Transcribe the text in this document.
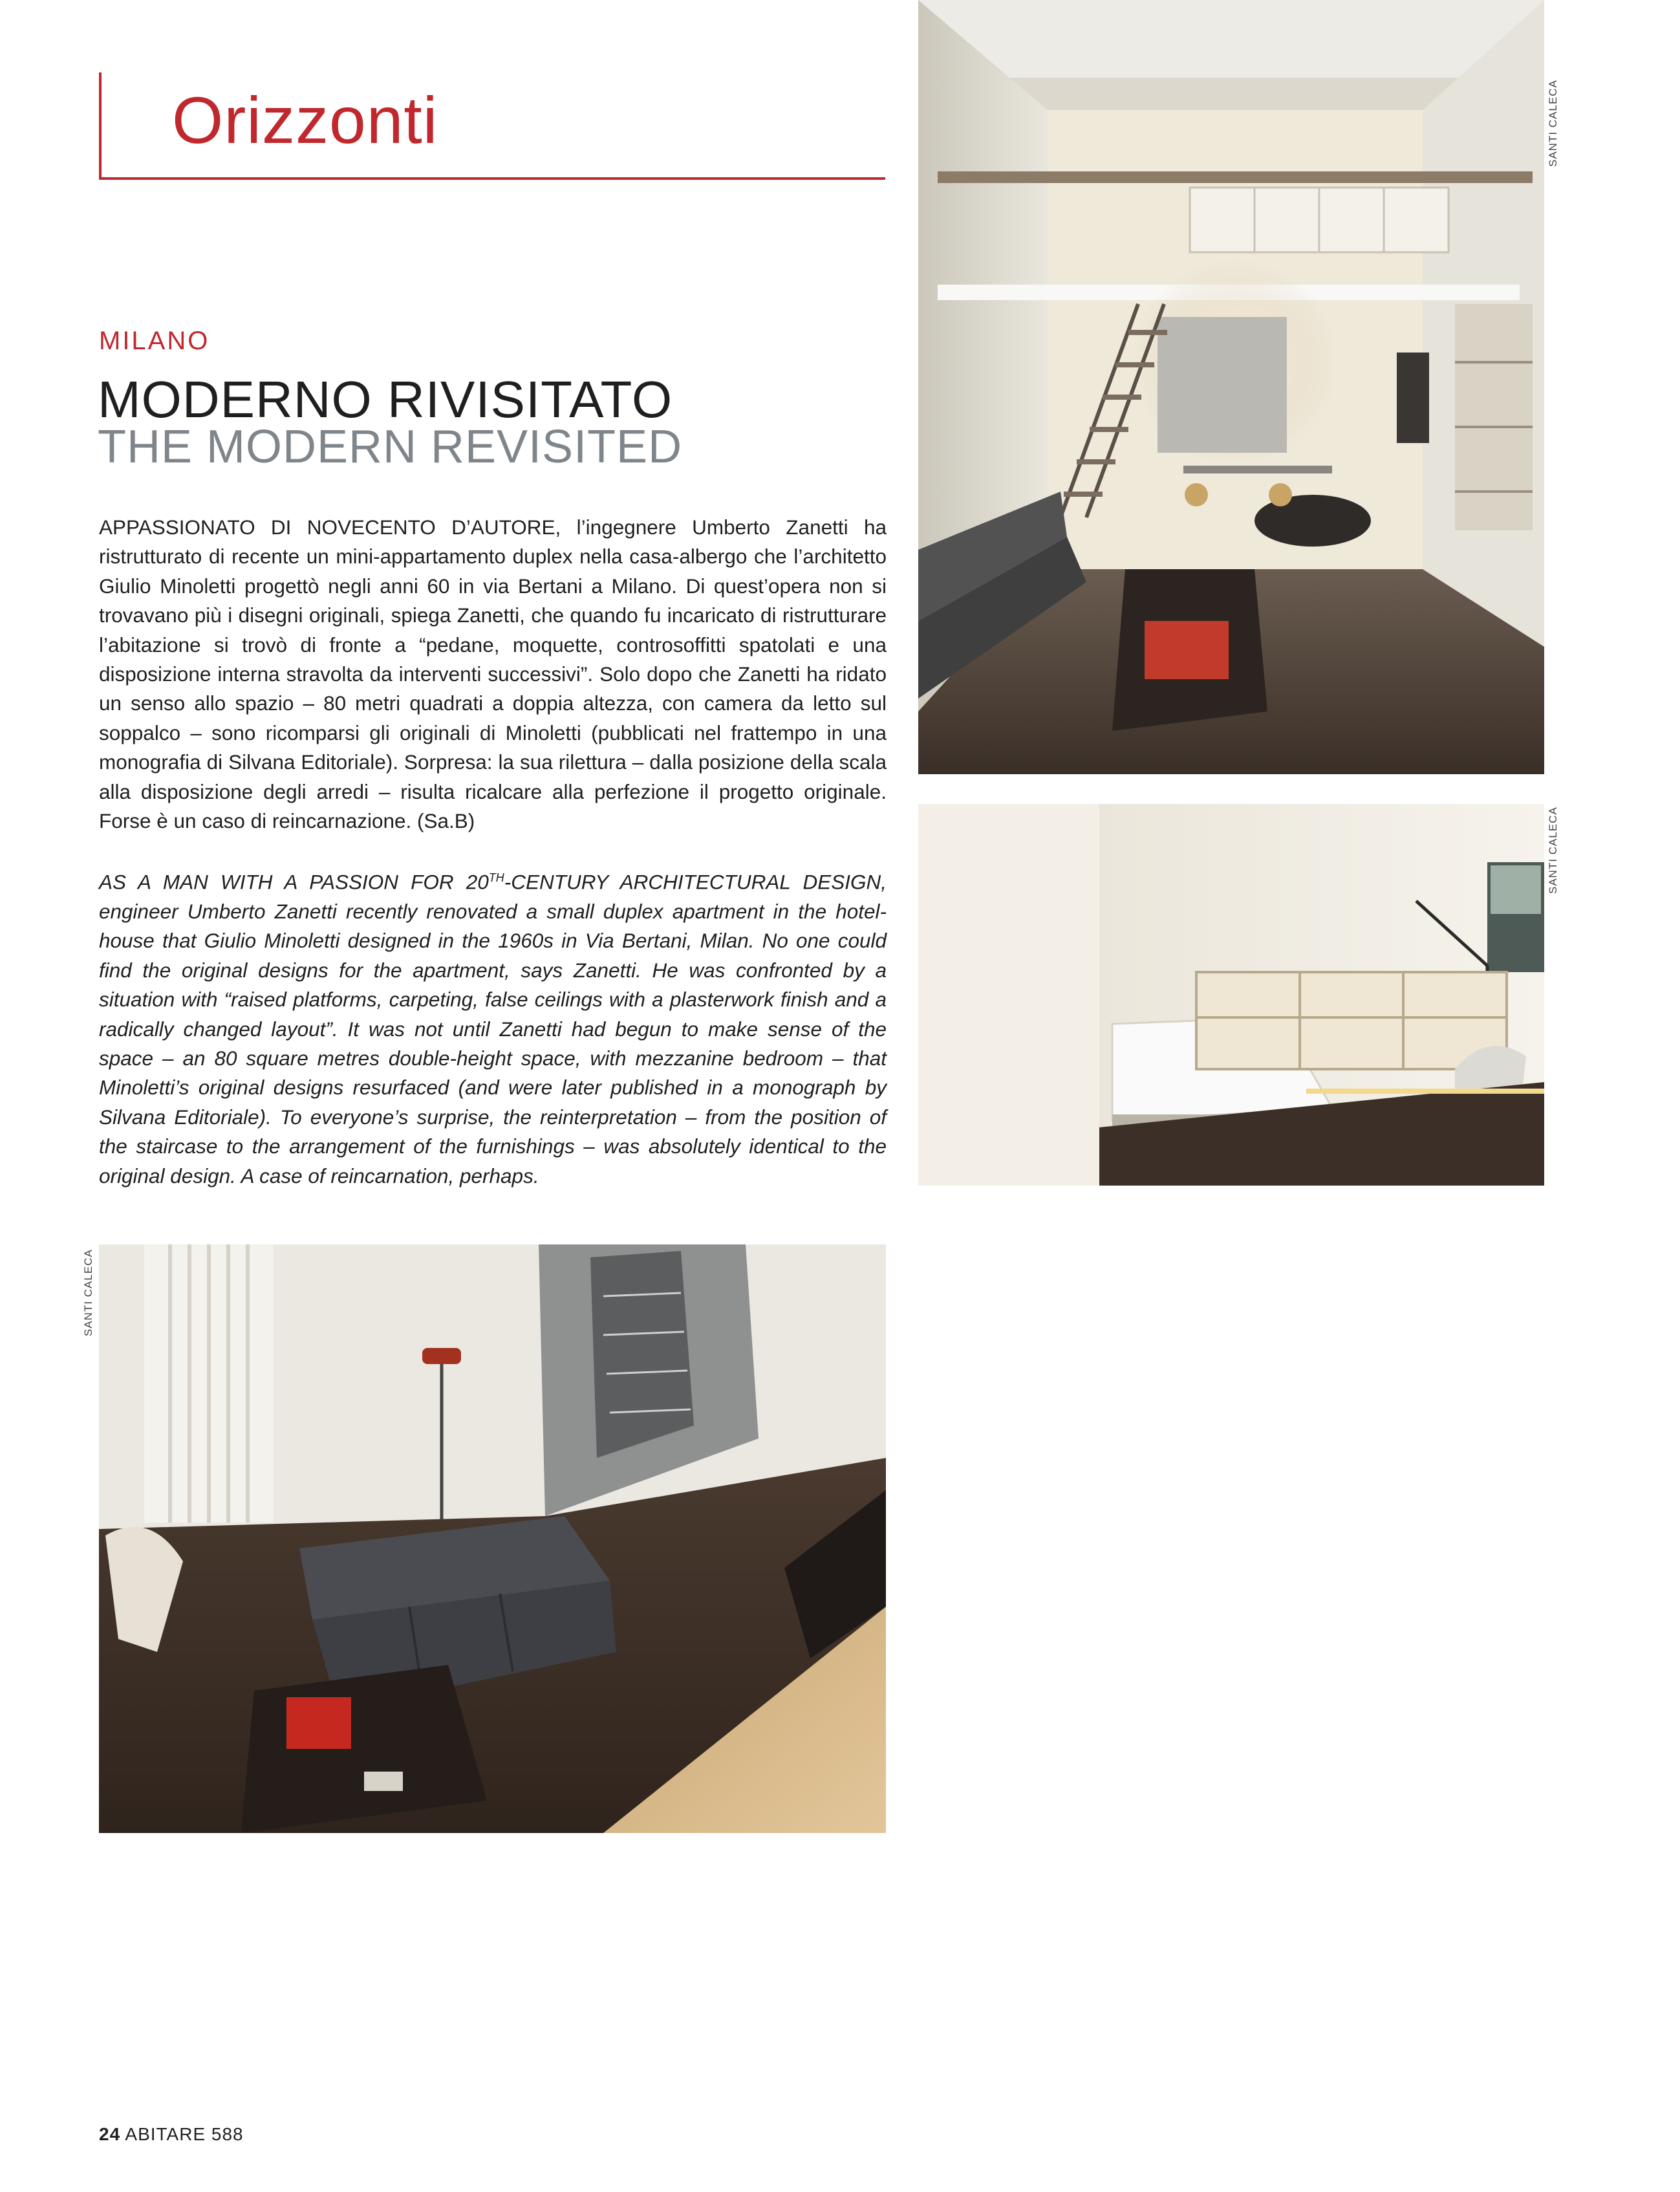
Orizzonti
MILANO
MODERNO RIVISITATO
THE MODERN REVISITED

APPASSIONATO DI NOVECENTO D’AUTORE, l’ingegnere Umberto Zanetti ha ristrutturato di recente un mini-appartamento duplex nella casa-albergo che l’architetto Giulio Minoletti progettò negli anni 60 in via Bertani a Milano. Di quest’opera non si trovavano più i disegni originali, spiega Zanetti, che quando fu incaricato di ristrutturare l’abitazione si trovò di fronte a “pedane, moquette, controsoffitti spatolati e una disposizione interna stravolta da interventi successivi”. Solo dopo che Zanetti ha ridato un senso allo spazio – 80 metri quadrati a doppia altezza, con camera da letto sul soppalco – sono ricomparsi gli originali di Minoletti (pubblicati nel frattempo in una monografia di Silvana Editoriale). Sorpresa: la sua rilettura – dalla posizione della scala alla disposizione degli arredi – risulta ricalcare alla perfezione il progetto originale. Forse è un caso di reincarnazione. (Sa.B)

AS A MAN WITH A PASSION FOR 20TH-CENTURY ARCHITECTURAL DESIGN, engineer Umberto Zanetti recently renovated a small duplex apartment in the hotel-house that Giulio Minoletti designed in the 1960s in Via Bertani, Milan. No one could find the original designs for the apartment, says Zanetti. He was confronted by a situation with “raised platforms, carpeting, false ceilings with a plasterwork finish and a radically changed layout”. It was not until Zanetti had begun to make sense of the space – an 80 square metres double-height space, with mezzanine bedroom – that Minoletti’s original designs resurfaced (and were later published in a monograph by Silvana Editoriale). To everyone’s surprise, the reinterpretation – from the position of the staircase to the arrangement of the furnishings – was absolutely identical to the original design. A case of reincarnation, perhaps.

SANTI CALECA
SANTI CALECA
SANTI CALECA
24 ABITARE 588
